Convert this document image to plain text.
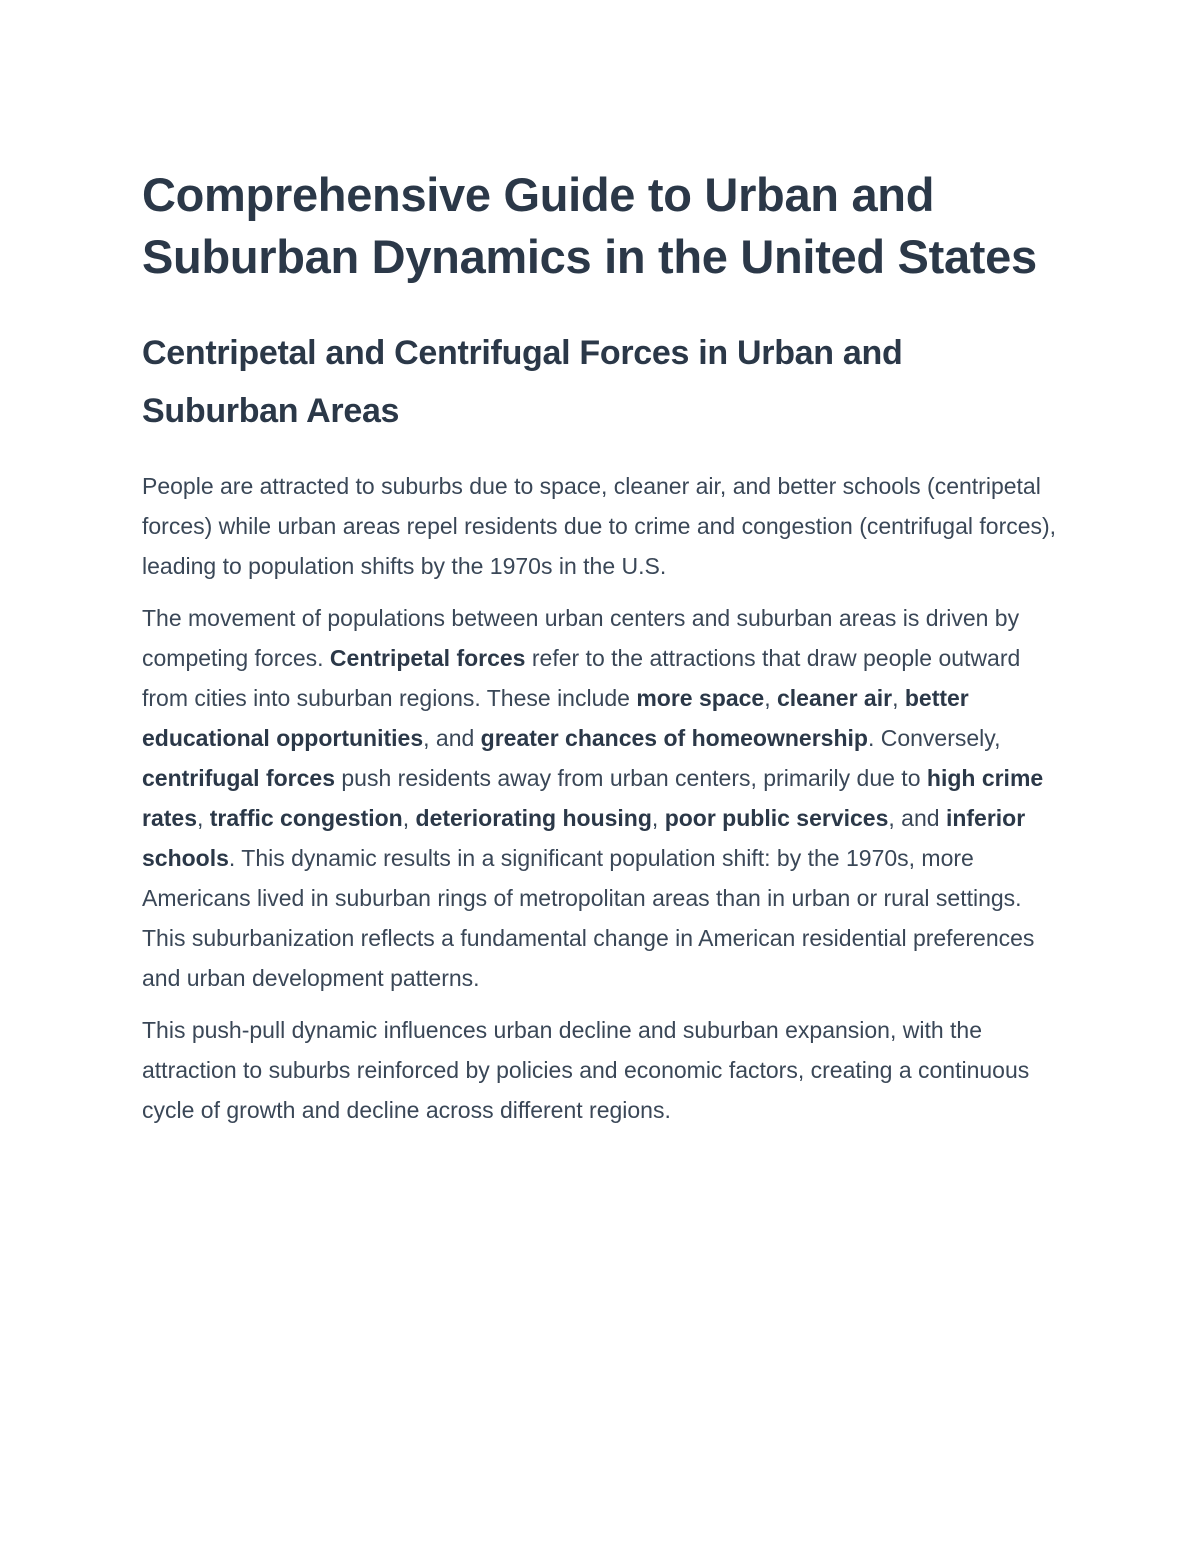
Comprehensive Guide to Urban and Suburban Dynamics in the United States
Centripetal and Centrifugal Forces in Urban and Suburban Areas

People are attracted to suburbs due to space, cleaner air, and better schools (centripetal forces) while urban areas repel residents due to crime and congestion (centrifugal forces), leading to population shifts by the 1970s in the U.S.

The movement of populations between urban centers and suburban areas is driven by competing forces. Centripetal forces refer to the attractions that draw people outward from cities into suburban regions. These include more space, cleaner air, better educational opportunities, and greater chances of homeownership. Conversely, centrifugal forces push residents away from urban centers, primarily due to high crime rates, traffic congestion, deteriorating housing, poor public services, and inferior schools. This dynamic results in a significant population shift: by the 1970s, more Americans lived in suburban rings of metropolitan areas than in urban or rural settings. This suburbanization reflects a fundamental change in American residential preferences and urban development patterns.

This push-pull dynamic influences urban decline and suburban expansion, with the attraction to suburbs reinforced by policies and economic factors, creating a continuous cycle of growth and decline across different regions.
